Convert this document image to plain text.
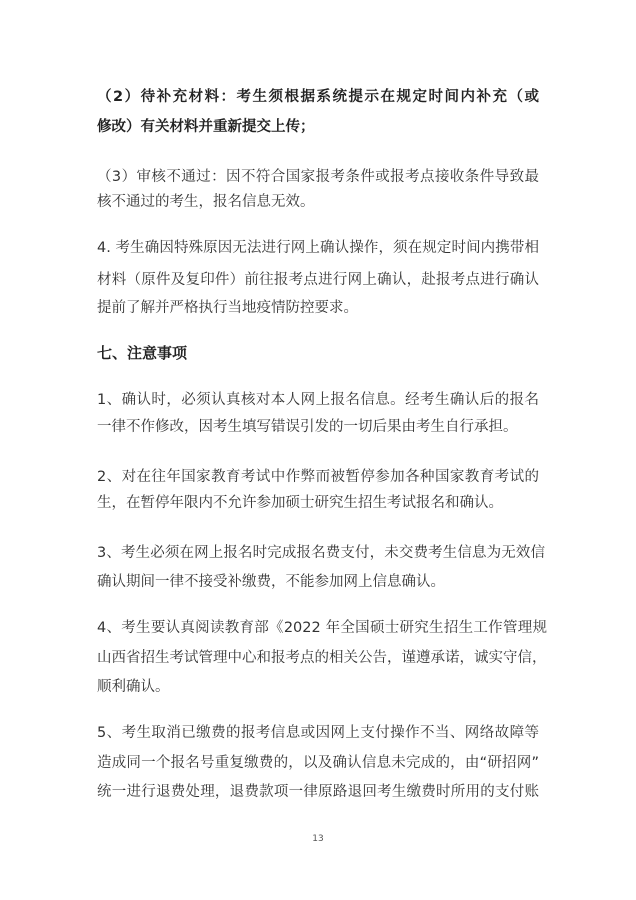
（2）待补充材料：考生须根据系统提示在规定时间内补充（或
修改）有关材料并重新提交上传；
（3）审核不通过：因不符合国家报考条件或报考点接收条件导致最
核不通过的考生，报名信息无效。
4. 考生确因特殊原因无法进行网上确认操作，须在规定时间内携带相
材料（原件及复印件）前往报考点进行网上确认，赴报考点进行确认
提前了解并严格执行当地疫情防控要求。
七、注意事项
1、确认时，必须认真核对本人网上报名信息。经考生确认后的报名
一律不作修改，因考生填写错误引发的一切后果由考生自行承担。
2、对在往年国家教育考试中作弊而被暂停参加各种国家教育考试的
生，在暂停年限内不允许参加硕士研究生招生考试报名和确认。
3、考生必须在网上报名时完成报名费支付，未交费考生信息为无效信
确认期间一律不接受补缴费，不能参加网上信息确认。
4、考生要认真阅读教育部《2022 年全国硕士研究生招生工作管理规
山西省招生考试管理中心和报考点的相关公告，谨遵承诺，诚实守信，
顺利确认。
5、考生取消已缴费的报考信息或因网上支付操作不当、网络故障等
造成同一个报名号重复缴费的，以及确认信息未完成的，由“研招网”
统一进行退费处理，退费款项一律原路退回考生缴费时所用的支付账
13
